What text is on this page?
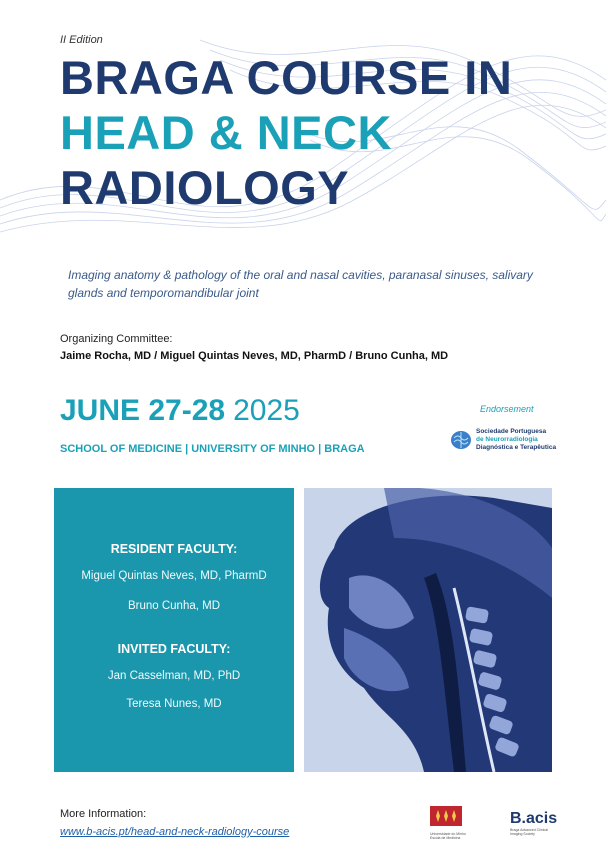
II Edition
BRAGA COURSE IN
HEAD & NECK
RADIOLOGY
Imaging anatomy & pathology of the oral and nasal cavities, paranasal sinuses, salivary glands and temporomandibular joint
Organizing Committee:
Jaime Rocha, MD / Miguel Quintas Neves, MD, PharmD / Bruno Cunha, MD
JUNE 27-28 2025
SCHOOL OF MEDICINE | UNIVERSITY OF MINHO | BRAGA
Endorsement
Sociedade Portuguesa
de Neurorradiologia
Diagnóstica e Terapêutica
RESIDENT FACULTY:
Miguel Quintas Neves, MD, PharmD
Bruno Cunha, MD
INVITED FACULTY:
Jan Casselman, MD, PhD
Teresa Nunes, MD
More Information:
www.b-acis.pt/head-and-neck-radiology-course	Universidade do Minho Escola de Medicina
B.acis
Braga Advanced Clinical Imaging Society
